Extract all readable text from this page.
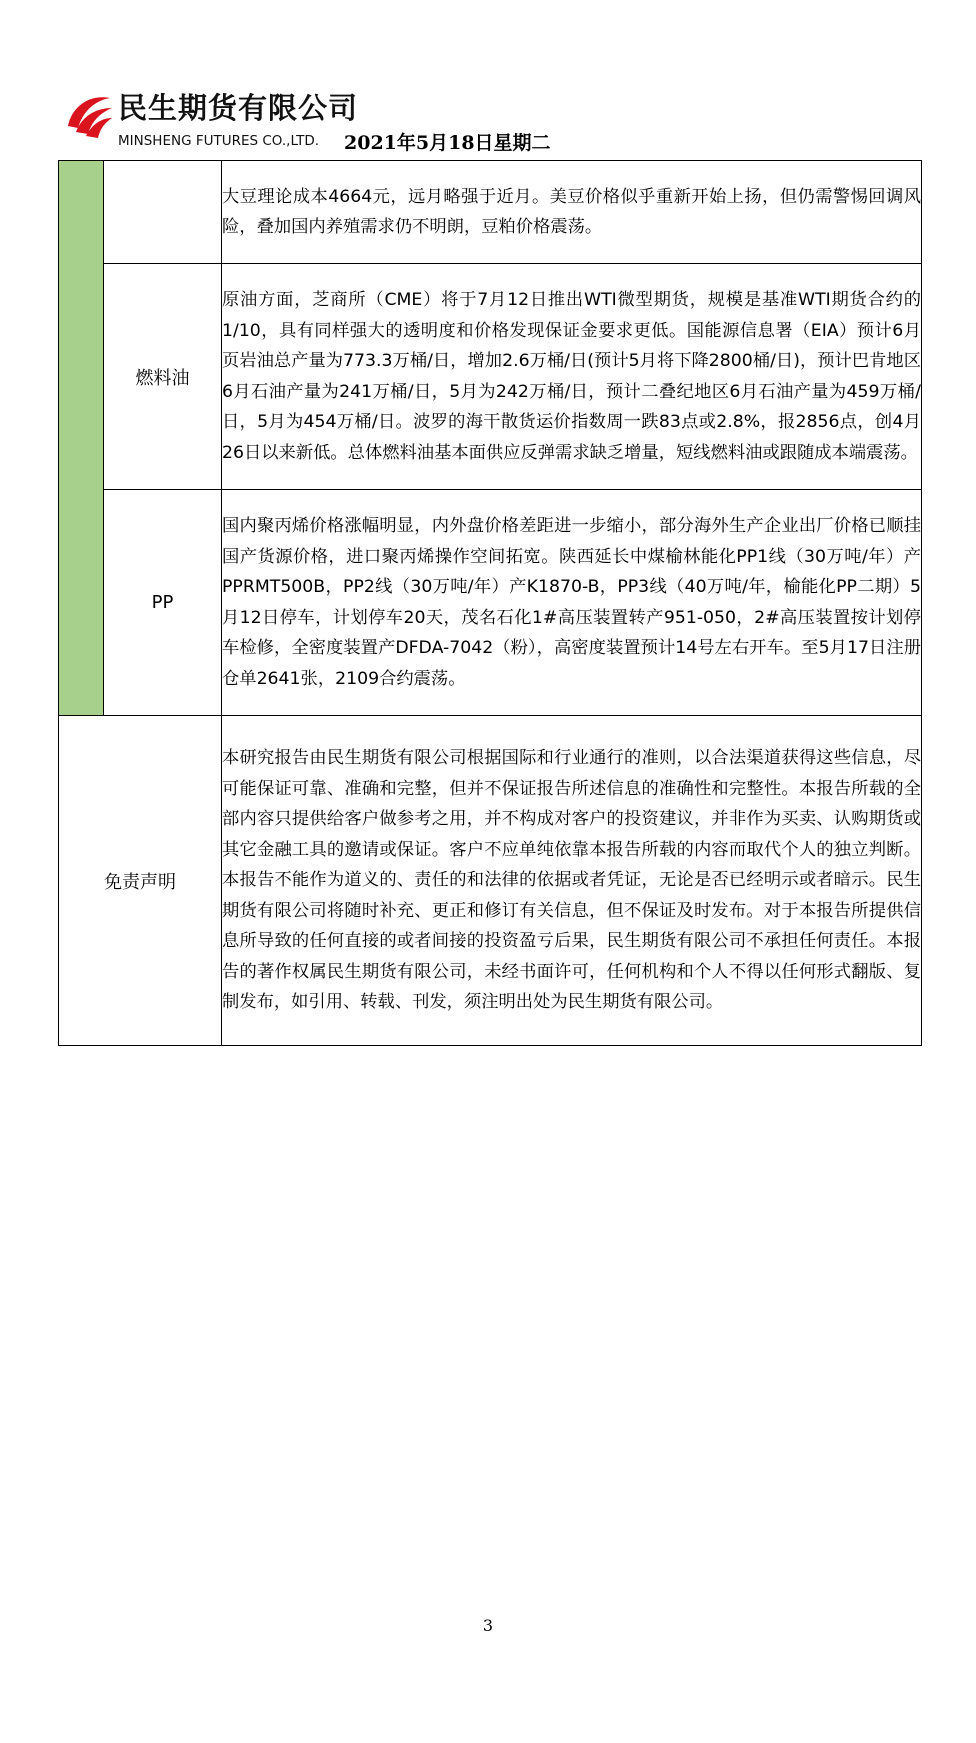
民生期货有限公司
MINSHENG FUTURES CO.,LTD. 2021年5月18日星期二
		大豆理论成本4664元，远月略强于近月。美豆价格似乎重新开始上扬，但仍需警惕回调风险，叠加国内养殖需求仍不明朗，豆粕价格震荡。
	燃料油	原油方面，芝商所（CME）将于7月12日推出WTI微型期货，规模是基准WTI期货合约的1/10，具有同样强大的透明度和价格发现保证金要求更低。国能源信息署（EIA）预计6月页岩油总产量为773.3万桶/日，增加2.6万桶/日(预计5月将下降2800桶/日)，预计巴肯地区6月石油产量为241万桶/日，5月为242万桶/日，预计二叠纪地区6月石油产量为459万桶/日，5月为454万桶/日。波罗的海干散货运价指数周一跌83点或2.8%，报2856点，创4月26日以来新低。总体燃料油基本面供应反弹需求缺乏增量，短线燃料油或跟随成本端震荡。
	PP	国内聚丙烯价格涨幅明显，内外盘价格差距进一步缩小，部分海外生产企业出厂价格已顺挂国产货源价格，进口聚丙烯操作空间拓宽。陕西延长中煤榆林能化PP1线（30万吨/年）产PPRMT500B，PP2线（30万吨/年）产K1870-B，PP3线（40万吨/年，榆能化PP二期）5月12日停车，计划停车20天，茂名石化1#高压装置转产951-050，2#高压装置按计划停车检修，全密度装置产DFDA-7042（粉），高密度装置预计14号左右开车。至5月17日注册仓单2641张，2109合约震荡。
免责声明		本研究报告由民生期货有限公司根据国际和行业通行的准则，以合法渠道获得这些信息，尽可能保证可靠、准确和完整，但并不保证报告所述信息的准确性和完整性。本报告所载的全部内容只提供给客户做参考之用，并不构成对客户的投资建议，并非作为买卖、认购期货或其它金融工具的邀请或保证。客户不应单纯依靠本报告所载的内容而取代个人的独立判断。本报告不能作为道义的、责任的和法律的依据或者凭证，无论是否已经明示或者暗示。民生期货有限公司将随时补充、更正和修订有关信息，但不保证及时发布。对于本报告所提供信息所导致的任何直接的或者间接的投资盈亏后果，民生期货有限公司不承担任何责任。本报告的著作权属民生期货有限公司，未经书面许可，任何机构和个人不得以任何形式翻版、复制发布，如引用、转载、刊发，须注明出处为民生期货有限公司。
3
